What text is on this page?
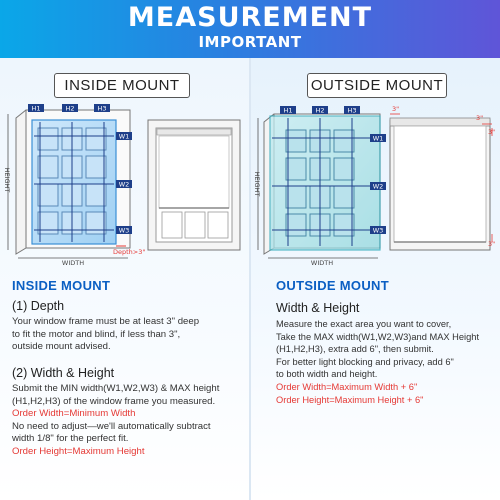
MEASUREMENT
IMPORTANT
INSIDE MOUNT	OUTSIDE MOUNT
H1	H2	H3
W1
W2
W3
HEIGHT
WIDTH
Depth>3"
H1	H2	H3
W1
W2
W3
HEIGHT
WIDTH
3"
3"
3"
3"
INSIDE MOUNT
(1) Depth
Your window frame must be at least 3" deep
to fit the motor and blind, if less than 3",
outside mount advised.
(2) Width & Height
Submit the MIN width(W1,W2,W3) & MAX height
(H1,H2,H3) of the window frame you measured.
Order Width=Minimum Width
No need to adjust—we'll automatically subtract
width 1/8" for the perfect fit.
Order Height=Maximum Height
OUTSIDE MOUNT
Width & Height
Measure the exact area you want to cover,
Take the MAX width(W1,W2,W3)and MAX Height
(H1,H2,H3), extra add 6", then submit.
For better light blocking and privacy, add 6"
to both width and height.
Order Width=Maximum Width + 6"
Order Height=Maximum Height + 6"
